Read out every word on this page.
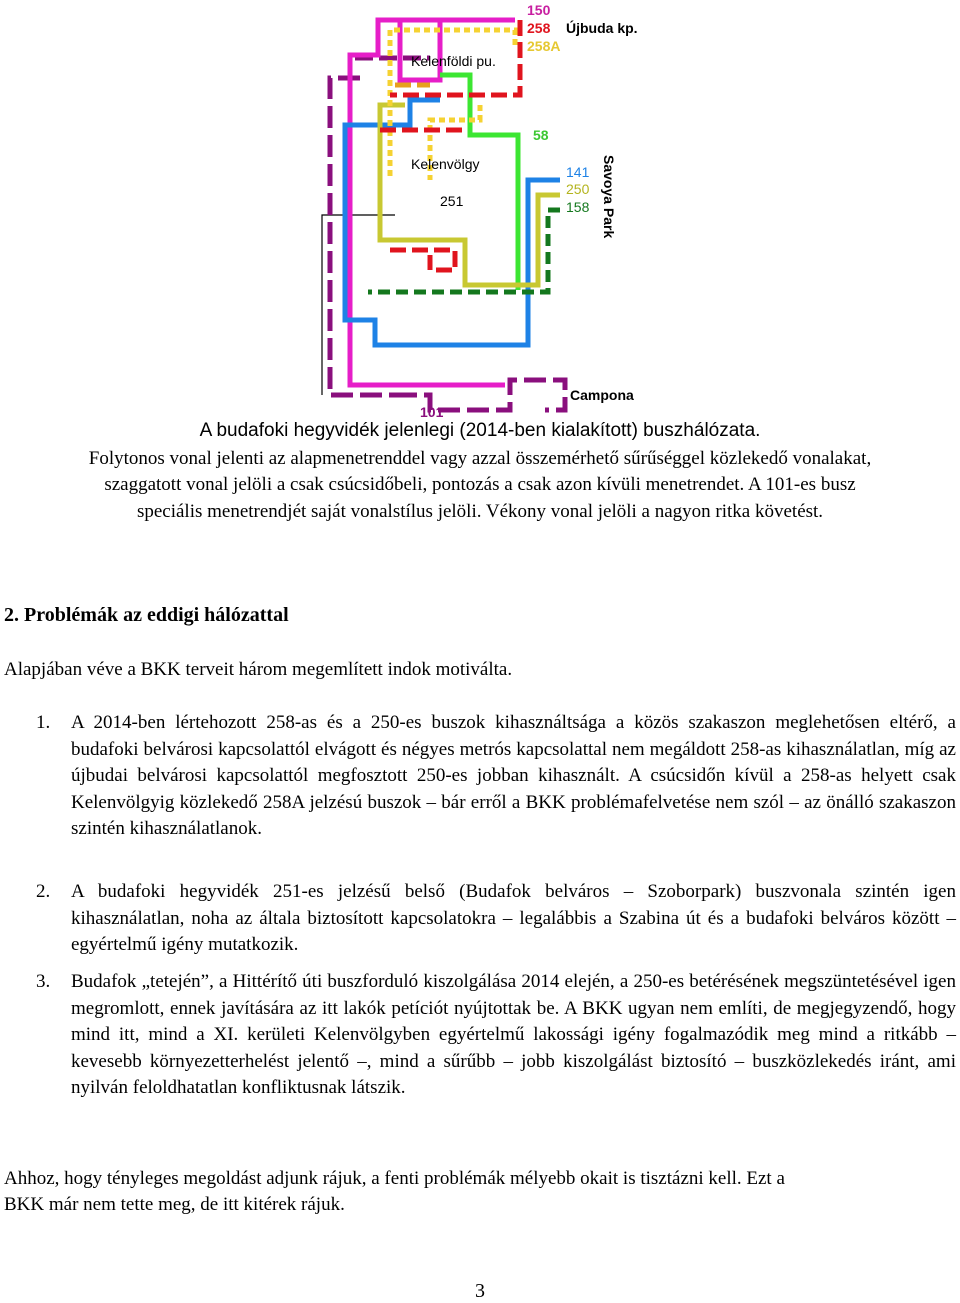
150
258
258A
Újbuda kp.
Kelenföldi pu.
58
Kelenvölgy	141
250
158 Savoya Park
251
Campona
101
A budafoki hegyvidék jelenlegi (2014-ben kialakított) buszhálózata.
Folytonos vonal jelenti az alapmenetrenddel vagy azzal összemérhető sűrűséggel közlekedő vonalakat,
szaggatott vonal jelöli a csak csúcsidőbeli, pontozás a csak azon kívüli menetrendet. A 101-es busz
speciális menetrendjét saját vonalstílus jelöli. Vékony vonal jelöli a nagyon ritka követést.
2. Problémák az eddigi hálózattal
Alapjában véve a BKK terveit három megemlített indok motiválta.
1. A 2014-ben lértehozott 258-as és a 250-es buszok kihasználtsága a közös szakaszon meglehetősen eltérő, a budafoki belvárosi kapcsolattól elvágott és négyes metrós kapcsolattal nem megáldott 258-as kihasználatlan, míg az újbudai belvárosi kapcsolattól megfosztott 250-es jobban kihasznált. A csúcsidőn kívül a 258-as helyett csak Kelenvölgyig közlekedő 258A jelzésú buszok – bár erről a BKK problémafelvetése nem szól – az önálló szakaszon szintén kihasználatlanok.
2. A budafoki hegyvidék 251-es jelzésű belső (Budafok belváros – Szoborpark) buszvonala szintén igen kihasználatlan, noha az általa biztosított kapcsolatokra – legalábbis a Szabina út és a budafoki belváros között – egyértelmű igény mutatkozik.
3. Budafok „tetején”, a Hittérítő úti buszforduló kiszolgálása 2014 elején, a 250-es betérésének megszüntetésével igen megromlott, ennek javítására az itt lakók petíciót nyújtottak be. A BKK ugyan nem említi, de megjegyzendő, hogy mind itt, mind a XI. kerületi Kelenvölgyben egyértelmű lakossági igény fogalmazódik meg mind a ritkább – kevesebb környezetterhelést jelentő –, mind a sűrűbb – jobb kiszolgálást biztosító – buszközlekedés iránt, ami nyilván feloldhatatlan konfliktusnak látszik.
Ahhoz, hogy tényleges megoldást adjunk rájuk, a fenti problémák mélyebb okait is tisztázni kell. Ezt a
BKK már nem tette meg, de itt kitérek rájuk.
3
